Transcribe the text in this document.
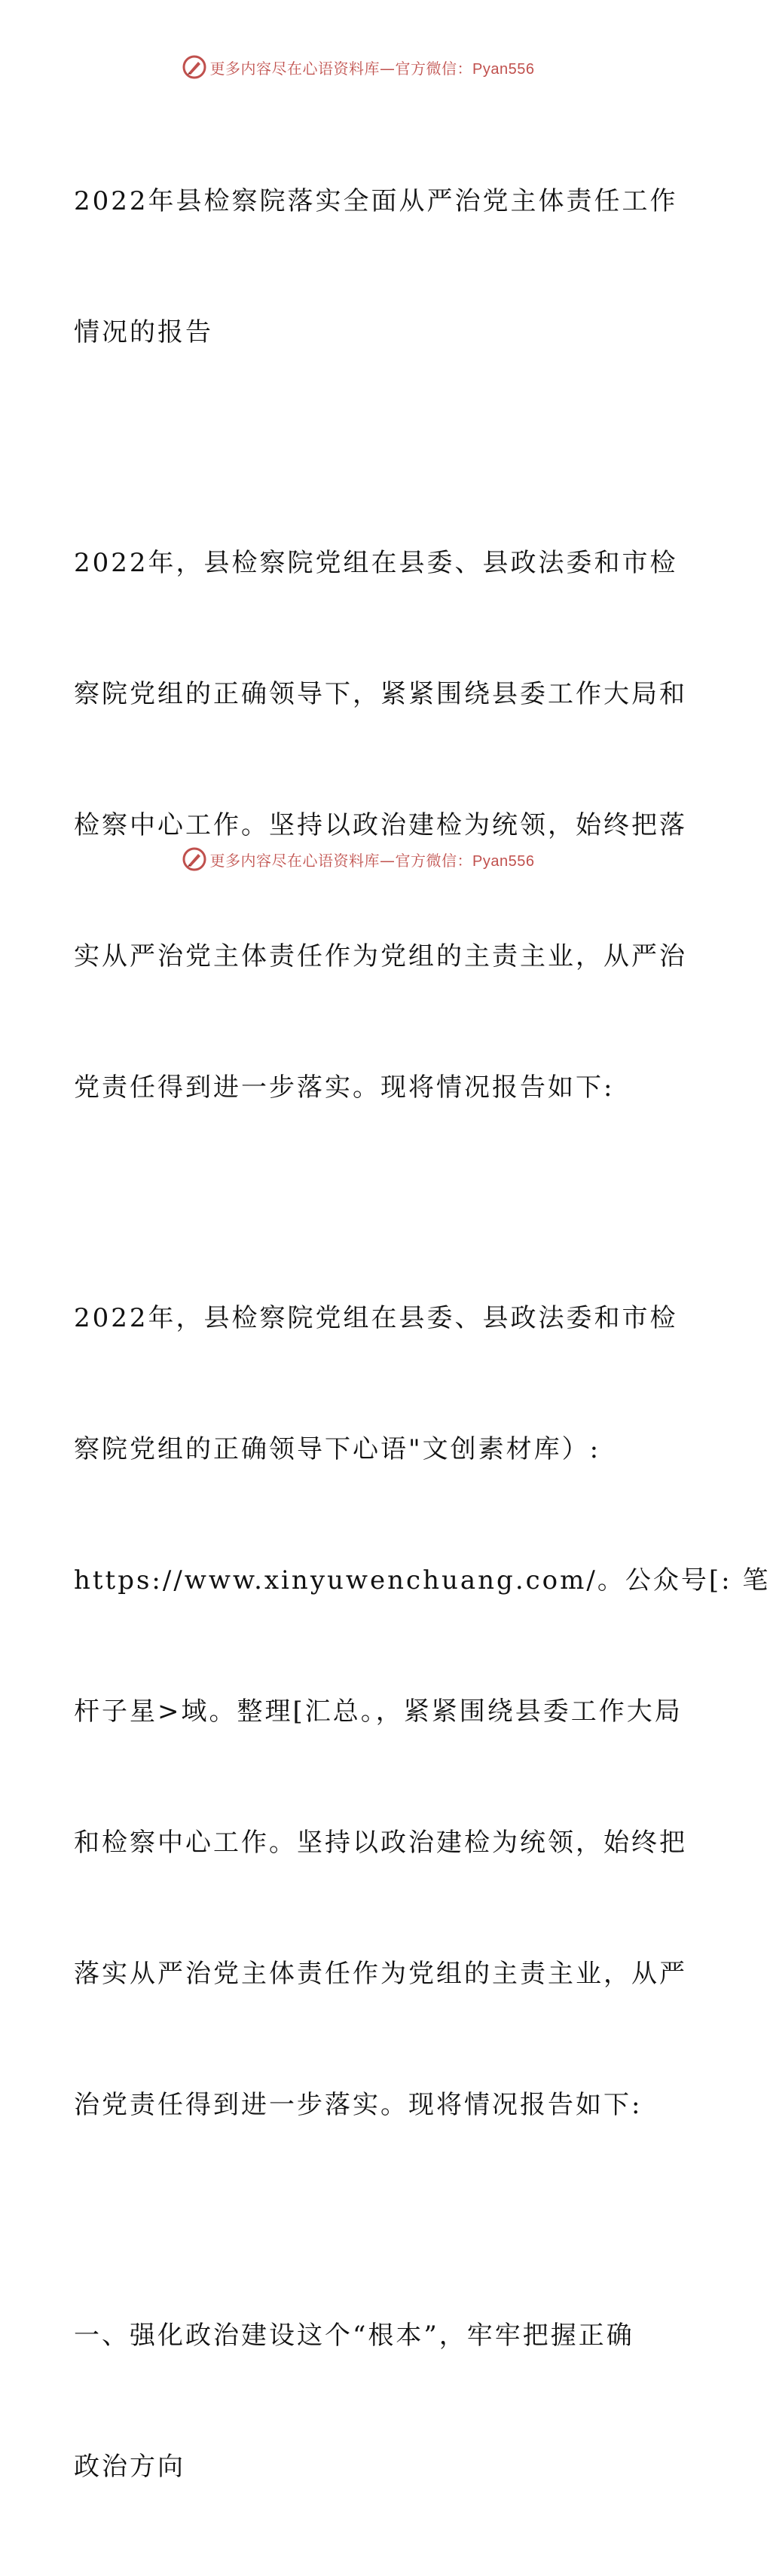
更多内容尽在心语资料库—官方微信：Pyan556

2022年县检察院落实全面从严治党主体责任工作

情况的报告

2022年，县检察院党组在县委、县政法委和市检

察院党组的正确领导下，紧紧围绕县委工作大局和

检察中心工作。坚持以政治建检为统领，始终把落

实从严治党主体责任作为党组的主责主业，从严治

党责任得到进一步落实。现将情况报告如下:

2022年，县检察院党组在县委、县政法委和市检

察院党组的正确领导下心语"文创素材库）:

https://www.xinyuwenchuang.com/。公众号[: 笔

杆子星>域。整理[汇总。，紧紧围绕县委工作大局

和检察中心工作。坚持以政治建检为统领，始终把

落实从严治党主体责任作为党组的主责主业，从严

治党责任得到进一步落实。现将情况报告如下:

一、强化政治建设这个“根本”，牢牢把握正确

政治方向

更多内容尽在心语资料库—官方微信：Pyan556
